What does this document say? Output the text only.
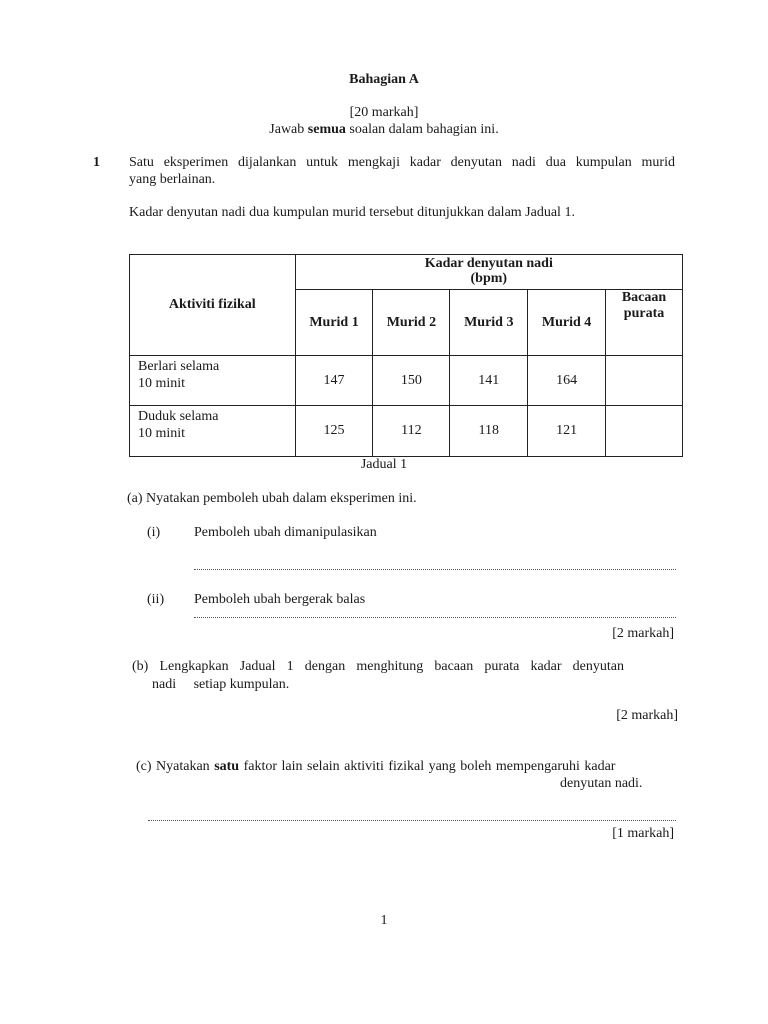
Bahagian A
[20 markah]
Jawab semua soalan dalam bahagian ini.
1 Satu eksperimen dijalankan untuk mengkaji kadar denyutan nadi dua kumpulan murid
yang berlainan.
Kadar denyutan nadi dua kumpulan murid tersebut ditunjukkan dalam Jadual 1.
Aktiviti fizikal	Kadar denyutan nadi
(bpm)				

	Murid 1	Murid 2	Murid 3	Murid 4	Bacaan
purata

Berlari selama
10 minit	147	150	141	164	

Duduk selama
10 minit	125	112	118	121	
Jadual 1
(a) Nyatakan pemboleh ubah dalam eksperimen ini.
(i) Pemboleh ubah dimanipulasikan
(ii) Pemboleh ubah bergerak balas
[2 markah]
(b) Lengkapkan Jadual 1 dengan menghitung bacaan purata kadar denyutan
nadi     setiap kumpulan.
[2 markah]
(c) Nyatakan satu faktor lain selain aktiviti fizikal yang boleh mempengaruhi kadar
denyutan nadi.
[1 markah]
1
